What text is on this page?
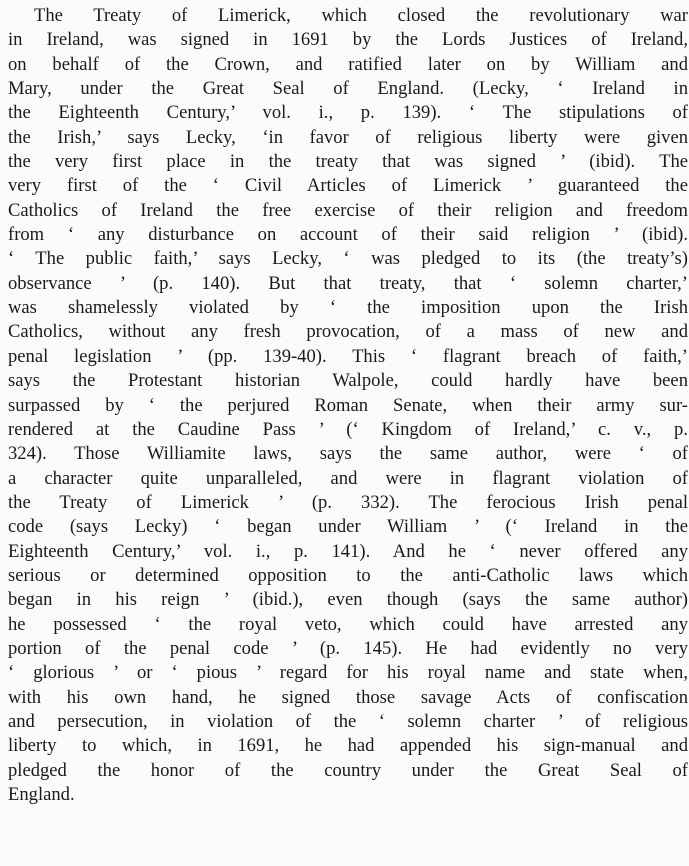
The Treaty of Limerick, which closed the revolutionary war
in Ireland, was signed in 1691 by the Lords Justices of Ireland,
on behalf of the Crown, and ratified later on by William and
Mary, under the Great Seal of England. (Lecky, ‘ Ireland in
the Eighteenth Century,’ vol. i., p. 139). ‘ The stipulations of
the Irish,’ says Lecky, ‘in favor of religious liberty were given
the very first place in the treaty that was signed ’ (ibid). The
very first of the ‘ Civil Articles of Limerick ’ guaranteed the
Catholics of Ireland the free exercise of their religion and freedom
from ‘ any disturbance on account of their said religion ’ (ibid).
‘ The public faith,’ says Lecky, ‘ was pledged to its (the treaty’s)
observance ’ (p. 140). But that treaty, that ‘ solemn charter,’
was shamelessly violated by ‘ the imposition upon the Irish
Catholics, without any fresh provocation, of a mass of new and
penal legislation ’ (pp. 139-40). This ‘ flagrant breach of faith,’
says the Protestant historian Walpole, could hardly have been
surpassed by ‘ the perjured Roman Senate, when their army sur-
rendered at the Caudine Pass ’ (‘ Kingdom of Ireland,’ c. v., p.
324). Those Williamite laws, says the same author, were ‘ of
a character quite unparalleled, and were in flagrant violation of
the Treaty of Limerick ’ (p. 332). The ferocious Irish penal
code (says Lecky) ‘ began under William ’ (‘ Ireland in the
Eighteenth Century,’ vol. i., p. 141). And he ‘ never offered any
serious or determined opposition to the anti-Catholic laws which
began in his reign ’ (ibid.), even though (says the same author)
he possessed ‘ the royal veto, which could have arrested any
portion of the penal code ’ (p. 145). He had evidently no very
‘ glorious ’ or ‘ pious ’ regard for his royal name and state when,
with his own hand, he signed those savage Acts of confiscation
and persecution, in violation of the ‘ solemn charter ’ of religious
liberty to which, in 1691, he had appended his sign-manual and
pledged the honor of the country under the Great Seal of
England.
